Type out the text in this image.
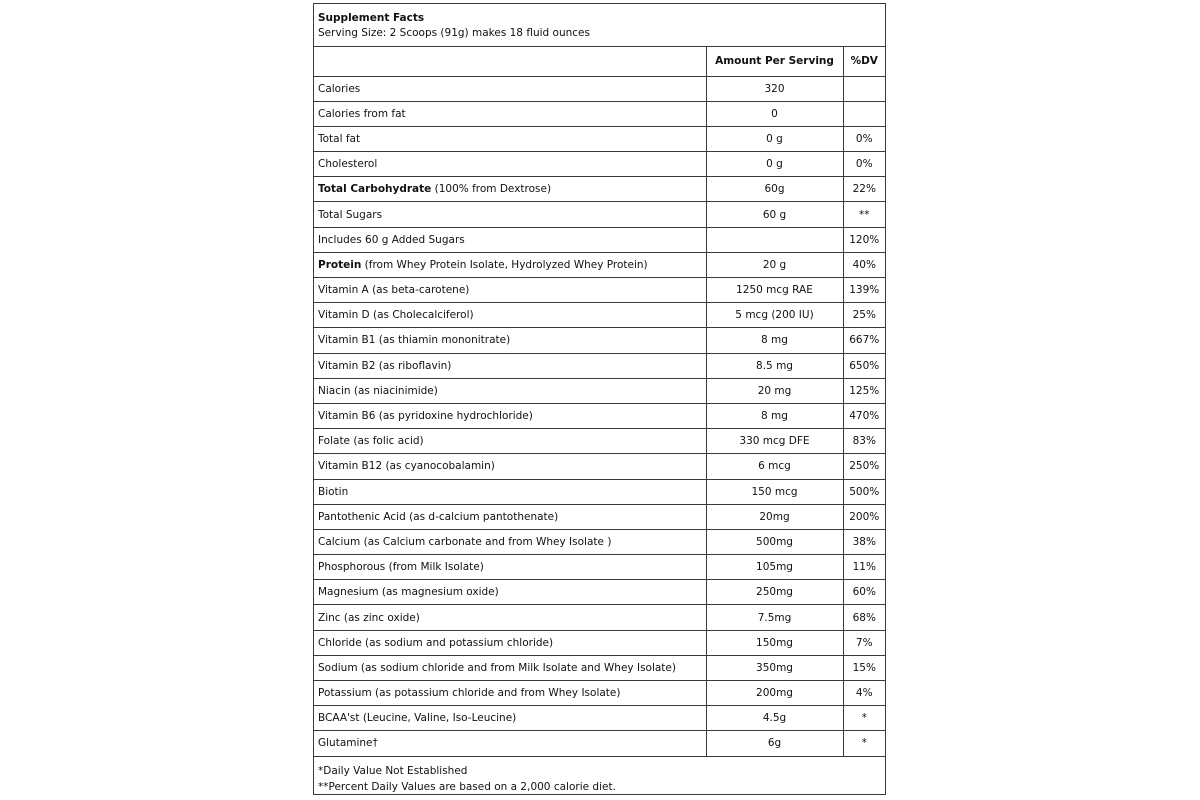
Supplement Facts
Serving Size: 2 Scoops (91g) makes 18 fluid ounces
	Amount Per Serving	%DV
Calories	320	
Calories from fat	0	
Total fat	0 g	0%
Cholesterol	0 g	0%
Total Carbohydrate (100% from Dextrose)	60g	22%
Total Sugars	60 g	**
Includes 60 g Added Sugars		120%
Protein (from Whey Protein Isolate, Hydrolyzed Whey Protein)	20 g	40%
Vitamin A (as beta-carotene)	1250 mcg RAE	139%
Vitamin D (as Cholecalciferol)	5 mcg (200 IU)	25%
Vitamin B1 (as thiamin mononitrate)	8 mg	667%
Vitamin B2 (as riboflavin)	8.5 mg	650%
Niacin (as niacinimide)	20 mg	125%
Vitamin B6 (as pyridoxine hydrochloride)	8 mg	470%
Folate (as folic acid)	330 mcg DFE	83%
Vitamin B12 (as cyanocobalamin)	6 mcg	250%
Biotin	150 mcg	500%
Pantothenic Acid (as d-calcium pantothenate)	20mg	200%
Calcium (as Calcium carbonate and from Whey Isolate )	500mg	38%
Phosphorous (from Milk Isolate)	105mg	11%
Magnesium (as magnesium oxide)	250mg	60%
Zinc (as zinc oxide)	7.5mg	68%
Chloride (as sodium and potassium chloride)	150mg	7%
Sodium (as sodium chloride and from Milk Isolate and Whey Isolate)	350mg	15%
Potassium (as potassium chloride and from Whey Isolate)	200mg	4%
BCAA'st (Leucine, Valine, Iso-Leucine)	4.5g	*
Glutamine†	6g	*
*Daily Value Not Established
**Percent Daily Values are based on a 2,000 calorie diet.
